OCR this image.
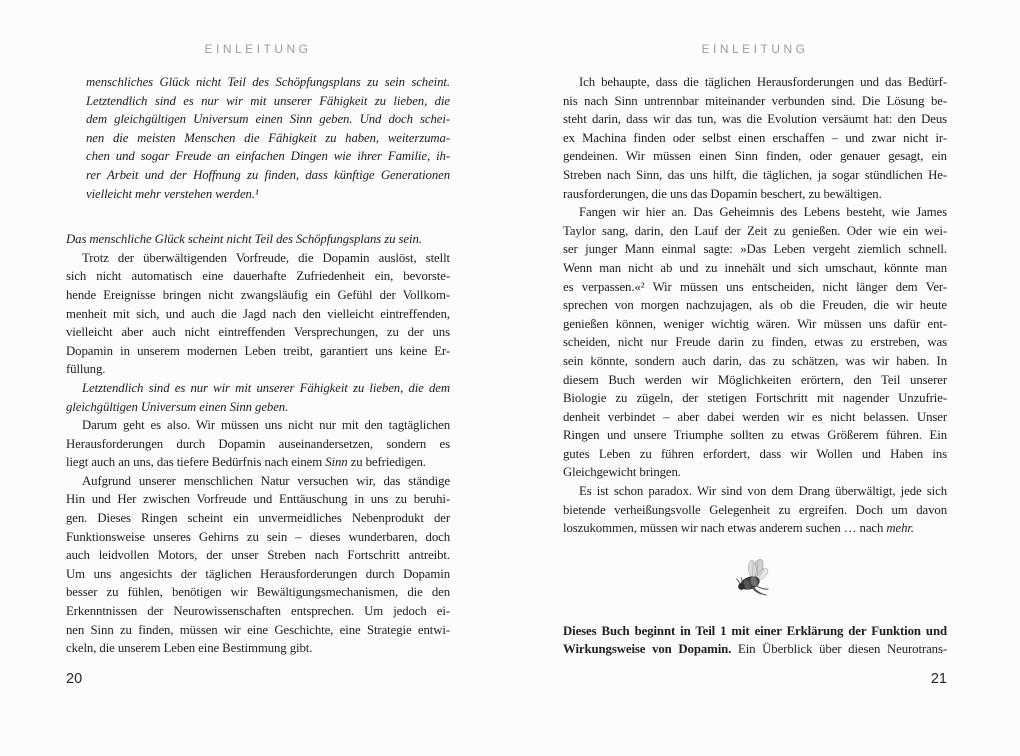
EINLEITUNG
menschliches Glück nicht Teil des Schöpfungsplans zu sein scheint.
Letztendlich sind es nur wir mit unserer Fähigkeit zu lieben, die
dem gleichgültigen Universum einen Sinn geben. Und doch schei-
nen die meisten Menschen die Fähigkeit zu haben, weiterzuma-
chen und sogar Freude an einfachen Dingen wie ihrer Familie, ih-
rer Arbeit und der Hoffnung zu finden, dass künftige Generationen
vielleicht mehr verstehen werden.¹
Das menschliche Glück scheint nicht Teil des Schöpfungsplans zu sein.
Trotz der überwältigenden Vorfreude, die Dopamin auslöst, stellt
sich nicht automatisch eine dauerhafte Zufriedenheit ein, bevorste-
hende Ereignisse bringen nicht zwangsläufig ein Gefühl der Vollkom-
menheit mit sich, und auch die Jagd nach den vielleicht eintreffenden,
vielleicht aber auch nicht eintreffenden Versprechungen, zu der uns
Dopamin in unserem modernen Leben treibt, garantiert uns keine Er-
füllung.
Letztendlich sind es nur wir mit unserer Fähigkeit zu lieben, die dem
gleichgültigen Universum einen Sinn geben.
Darum geht es also. Wir müssen uns nicht nur mit den tagtäglichen
Herausforderungen durch Dopamin auseinandersetzen, sondern es
liegt auch an uns, das tiefere Bedürfnis nach einem Sinn zu befriedigen.
Aufgrund unserer menschlichen Natur versuchen wir, das ständige
Hin und Her zwischen Vorfreude und Enttäuschung in uns zu beruhi-
gen. Dieses Ringen scheint ein unvermeidliches Nebenprodukt der
Funktionsweise unseres Gehirns zu sein – dieses wunderbaren, doch
auch leidvollen Motors, der unser Streben nach Fortschritt antreibt.
Um uns angesichts der täglichen Herausforderungen durch Dopamin
besser zu fühlen, benötigen wir Bewältigungsmechanismen, die den
Erkenntnissen der Neurowissenschaften entsprechen. Um jedoch ei-
nen Sinn zu finden, müssen wir eine Geschichte, eine Strategie entwi-
ckeln, die unserem Leben eine Bestimmung gibt.
20
EINLEITUNG
Ich behaupte, dass die täglichen Herausforderungen und das Bedürf-
nis nach Sinn untrennbar miteinander verbunden sind. Die Lösung be-
steht darin, dass wir das tun, was die Evolution versäumt hat: den Deus
ex Machina finden oder selbst einen erschaffen – und zwar nicht ir-
gendeinen. Wir müssen einen Sinn finden, oder genauer gesagt, ein
Streben nach Sinn, das uns hilft, die täglichen, ja sogar stündlichen He-
rausforderungen, die uns das Dopamin beschert, zu bewältigen.
Fangen wir hier an. Das Geheimnis des Lebens besteht, wie James
Taylor sang, darin, den Lauf der Zeit zu genießen. Oder wie ein wei-
ser junger Mann einmal sagte: »Das Leben vergeht ziemlich schnell.
Wenn man nicht ab und zu innehält und sich umschaut, könnte man
es verpassen.«² Wir müssen uns entscheiden, nicht länger dem Ver-
sprechen von morgen nachzujagen, als ob die Freuden, die wir heute
genießen können, weniger wichtig wären. Wir müssen uns dafür ent-
scheiden, nicht nur Freude darin zu finden, etwas zu erstreben, was
sein könnte, sondern auch darin, das zu schätzen, was wir haben. In
diesem Buch werden wir Möglichkeiten erörtern, den Teil unserer
Biologie zu zügeln, der stetigen Fortschritt mit nagender Unzufrie-
denheit verbindet – aber dabei werden wir es nicht belassen. Unser
Ringen und unsere Triumphe sollten zu etwas Größerem führen. Ein
gutes Leben zu führen erfordert, dass wir Wollen und Haben ins
Gleichgewicht bringen.
Es ist schon paradox. Wir sind von dem Drang überwältigt, jede sich
bietende verheißungsvolle Gelegenheit zu ergreifen. Doch um davon
loszukommen, müssen wir nach etwas anderem suchen … nach mehr.
Dieses Buch beginnt in Teil 1 mit einer Erklärung der Funktion und
Wirkungsweise von Dopamin. Ein Überblick über diesen Neurotrans-
21
